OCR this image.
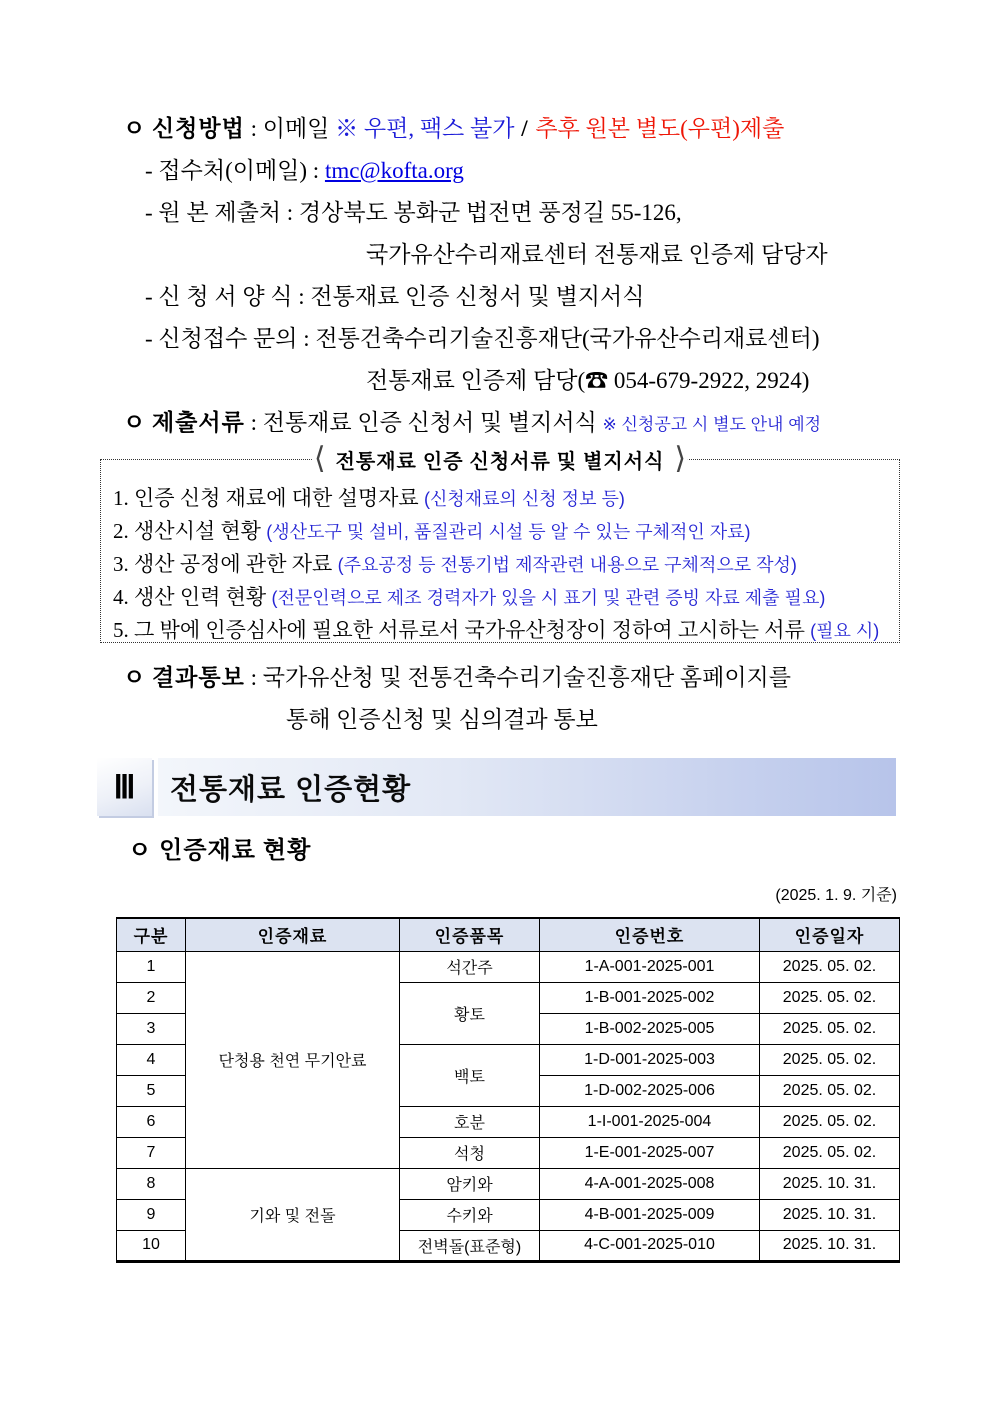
ㅇ 신청방법 : 이메일 ※ 우편, 팩스 불가 / 추후 원본 별도(우편)제출
- 접수처(이메일) : tmc@kofta.org
- 원 본 제출처 : 경상북도 봉화군 법전면 풍정길 55-126,
국가유산수리재료센터 전통재료 인증제 담당자
- 신 청 서 양 식 : 전통재료 인증 신청서 및 별지서식
- 신청접수 문의 : 전통건축수리기술진흥재단(국가유산수리재료센터)
전통재료 인증제 담당(☎ 054-679-2922, 2924)
ㅇ 제출서류 : 전통재료 인증 신청서 및 별지서식 ※ 신청공고 시 별도 안내 예정
⟨ 전통재료 인증 신청서류 및 별지서식 ⟩
1. 인증 신청 재료에 대한 설명자료 (신청재료의 신청 정보 등)
2. 생산시설 현황 (생산도구 및 설비, 품질관리 시설 등 알 수 있는 구체적인 자료)
3. 생산 공정에 관한 자료 (주요공정 등 전통기법 제작관련 내용으로 구체적으로 작성)
4. 생산 인력 현황 (전문인력으로 제조 경력자가 있을 시 표기 및 관련 증빙 자료 제출 필요)
5. 그 밖에 인증심사에 필요한 서류로서 국가유산청장이 정하여 고시하는 서류 (필요 시)
ㅇ 결과통보 : 국가유산청 및 전통건축수리기술진흥재단 홈페이지를
통해 인증신청 및 심의결과 통보
Ⅲ 전통재료 인증현황
ㅇ 인증재료 현황
(2025. 1. 9. 기준)
구분	인증재료	인증품목	인증번호	인증일자
1	단청용 천연 무기안료	석간주	1-A-001-2025-001	2025. 05. 02.
2		황토	1-B-001-2025-002	2025. 05. 02.
3			1-B-002-2025-005	2025. 05. 02.
4		백토	1-D-001-2025-003	2025. 05. 02.
5			1-D-002-2025-006	2025. 05. 02.
6		호분	1-I-001-2025-004	2025. 05. 02.
7		석청	1-E-001-2025-007	2025. 05. 02.
8	기와 및 전돌	암키와	4-A-001-2025-008	2025. 10. 31.
9		수키와	4-B-001-2025-009	2025. 10. 31.
10		전벽돌(표준형)	4-C-001-2025-010	2025. 10. 31.
